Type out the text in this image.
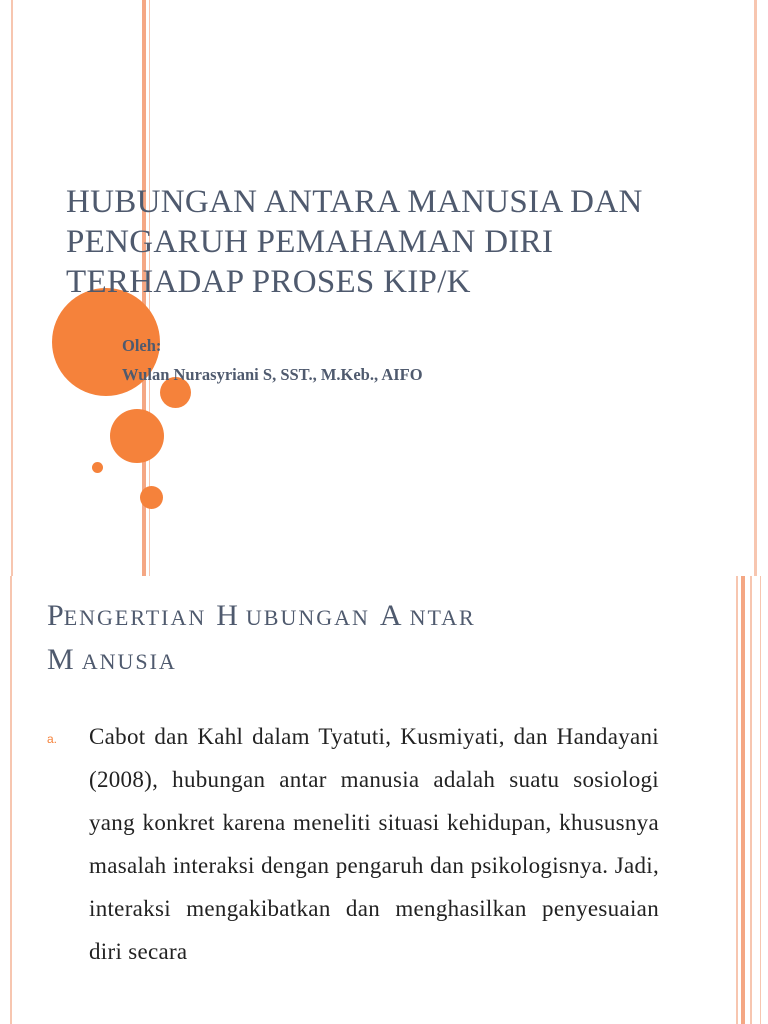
HUBUNGAN ANTARA MANUSIA DAN
PENGARUH PEMAHAMAN DIRI
TERHADAP PROSES KIP/K
Oleh:
Wulan Nurasyriani S, SST., M.Keb., AIFO
PENGERTIAN HUBUNGAN ANTAR
MANUSIA
a. Cabot dan Kahl dalam Tyatuti, Kusmiyati, dan Handayani (2008), hubungan antar manusia adalah suatu sosiologi yang konkret karena meneliti situasi kehidupan, khususnya masalah interaksi dengan pengaruh dan psikologisnya. Jadi, interaksi mengakibatkan dan menghasilkan penyesuaian diri secara
